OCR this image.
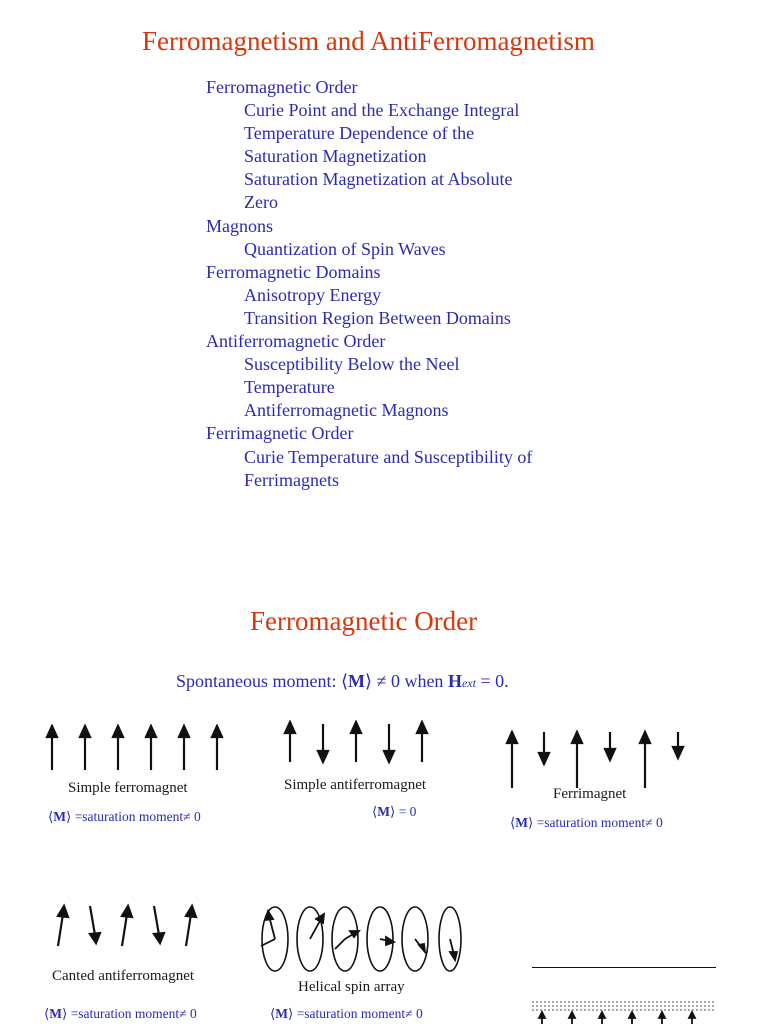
Ferromagnetism and AntiFerromagnetism
Ferromagnetic Order
Curie Point and the Exchange Integral
Temperature Dependence of the
Saturation Magnetization
Saturation Magnetization at Absolute
Zero
Magnons
Quantization of Spin Waves
Ferromagnetic Domains
Anisotropy Energy
Transition Region Between Domains
Antiferromagnetic Order
Susceptibility Below the Neel
Temperature
Antiferromagnetic Magnons
Ferrimagnetic Order
Curie Temperature and Susceptibility of
Ferrimagnets
Ferromagnetic Order
Spontaneous moment: ⟨M⟩ ≠ 0 when Hext = 0.
Simple ferromagnet
⟨M⟩ =saturation moment≠ 0
Simple antiferromagnet
⟨M⟩ = 0
Ferrimagnet
⟨M⟩ =saturation moment≠ 0
Canted antiferromagnet
⟨M⟩ =saturation moment≠ 0
Helical spin array
⟨M⟩ =saturation moment≠ 0
